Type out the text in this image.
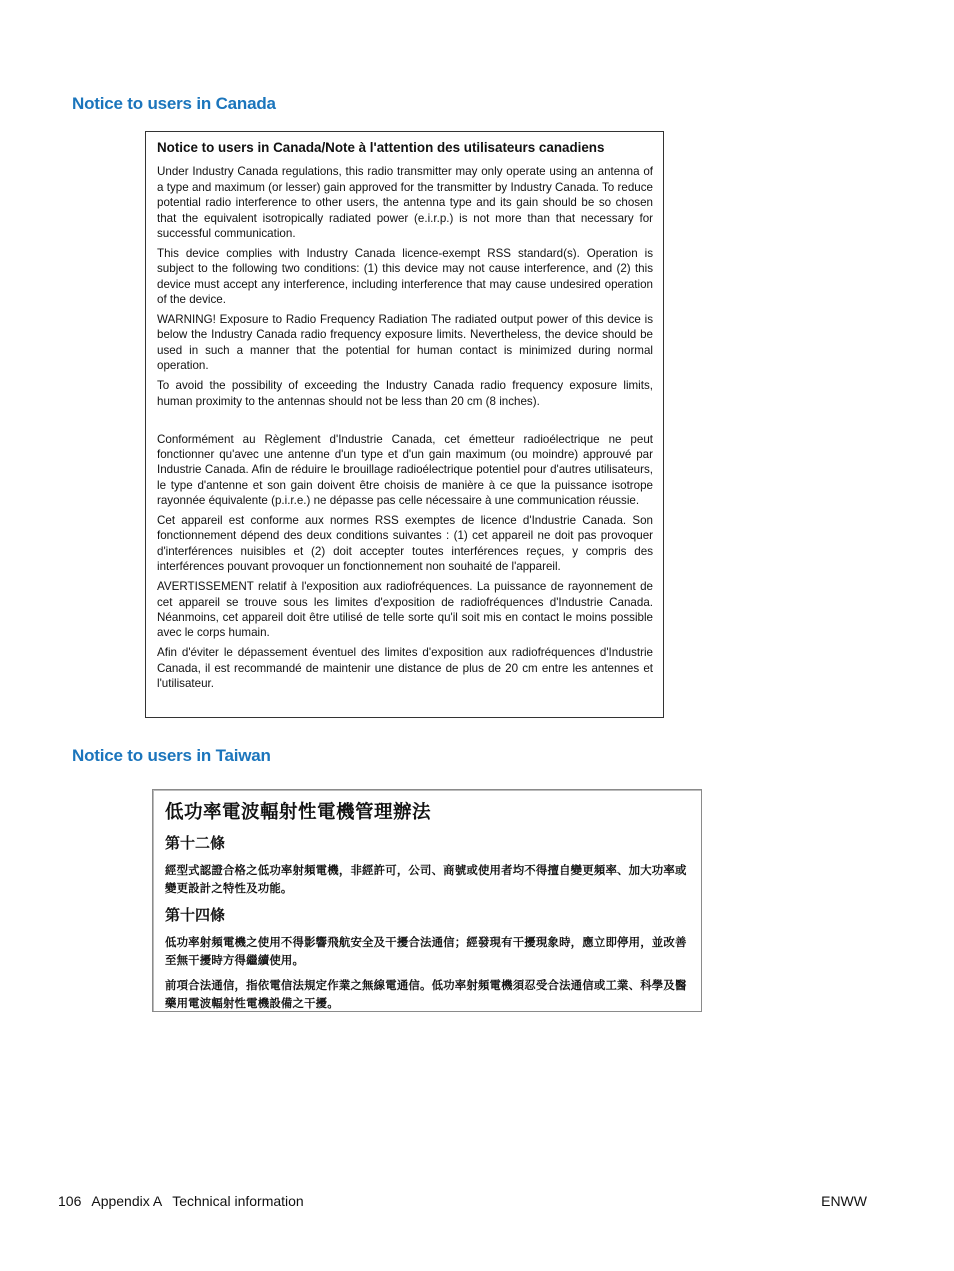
Notice to users in Canada
Notice to users in Canada/Note à l'attention des utilisateurs canadiens

Under Industry Canada regulations, this radio transmitter may only operate using an antenna of a type and maximum (or lesser) gain approved for the transmitter by Industry Canada. To reduce potential radio interference to other users, the antenna type and its gain should be so chosen that the equivalent isotropically radiated power (e.i.r.p.) is not more than that necessary for successful communication.

This device complies with Industry Canada licence-exempt RSS standard(s). Operation is subject to the following two conditions: (1) this device may not cause interference, and (2) this device must accept any interference, including interference that may cause undesired operation of the device.

WARNING! Exposure to Radio Frequency Radiation The radiated output power of this device is below the Industry Canada radio frequency exposure limits. Nevertheless, the device should be used in such a manner that the potential for human contact is minimized during normal operation.

To avoid the possibility of exceeding the Industry Canada radio frequency exposure limits, human proximity to the antennas should not be less than 20 cm (8 inches).

Conformément au Règlement d'Industrie Canada, cet émetteur radioélectrique ne peut fonctionner qu'avec une antenne d'un type et d'un gain maximum (ou moindre) approuvé par Industrie Canada. Afin de réduire le brouillage radioélectrique potentiel pour d'autres utilisateurs, le type d'antenne et son gain doivent être choisis de manière à ce que la puissance isotrope rayonnée équivalente (p.i.r.e.) ne dépasse pas celle nécessaire à une communication réussie.

Cet appareil est conforme aux normes RSS exemptes de licence d'Industrie Canada. Son fonctionnement dépend des deux conditions suivantes : (1) cet appareil ne doit pas provoquer d'interférences nuisibles et (2) doit accepter toutes interférences reçues, y compris des interférences pouvant provoquer un fonctionnement non souhaité de l'appareil.

AVERTISSEMENT relatif à l'exposition aux radiofréquences. La puissance de rayonnement de cet appareil se trouve sous les limites d'exposition de radiofréquences d'Industrie Canada. Néanmoins, cet appareil doit être utilisé de telle sorte qu'il soit mis en contact le moins possible avec le corps humain.

Afin d'éviter le dépassement éventuel des limites d'exposition aux radiofréquences d'Industrie Canada, il est recommandé de maintenir une distance de plus de 20 cm entre les antennes et l'utilisateur.

Notice to users in Taiwan
低功率電波輻射性電機管理辦法
第十二條
經型式認證合格之低功率射頻電機，非經許可，公司、商號或使用者均不得擅自變更頻率、加大功率或變更設計之特性及功能。
第十四條
低功率射頻電機之使用不得影響飛航安全及干擾合法通信；經發現有干擾現象時，應立即停用，並改善至無干擾時方得繼續使用。
前項合法通信，指依電信法規定作業之無線電通信。低功率射頻電機須忍受合法通信或工業、科學及醫藥用電波輻射性電機設備之干擾。
106 Appendix A Technical information	ENWW
